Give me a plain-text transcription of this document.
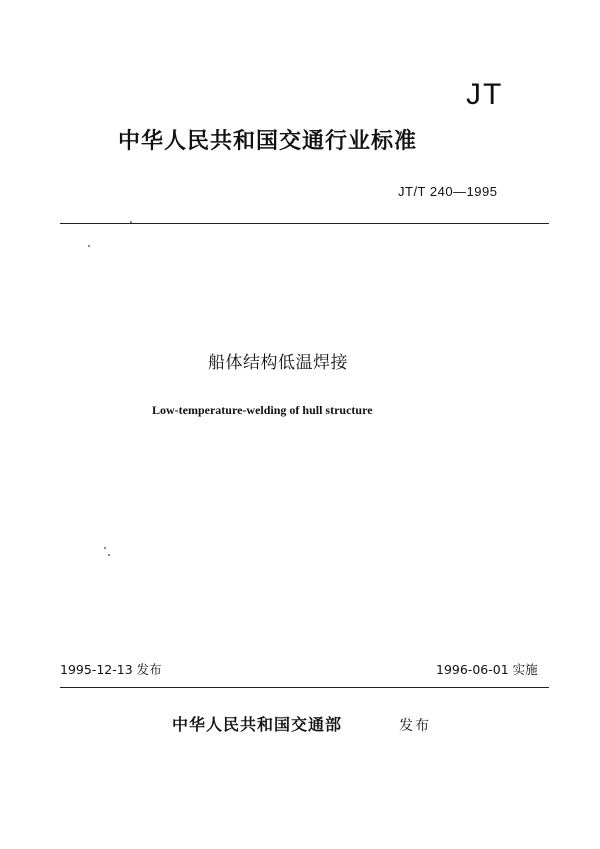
JT
中华人民共和国交通行业标准
JT/T 240—1995
船体结构低温焊接
Low-temperature-welding of hull structure
1995-12-13 发布	1996-06-01 实施
中华人民共和国交通部	发布
